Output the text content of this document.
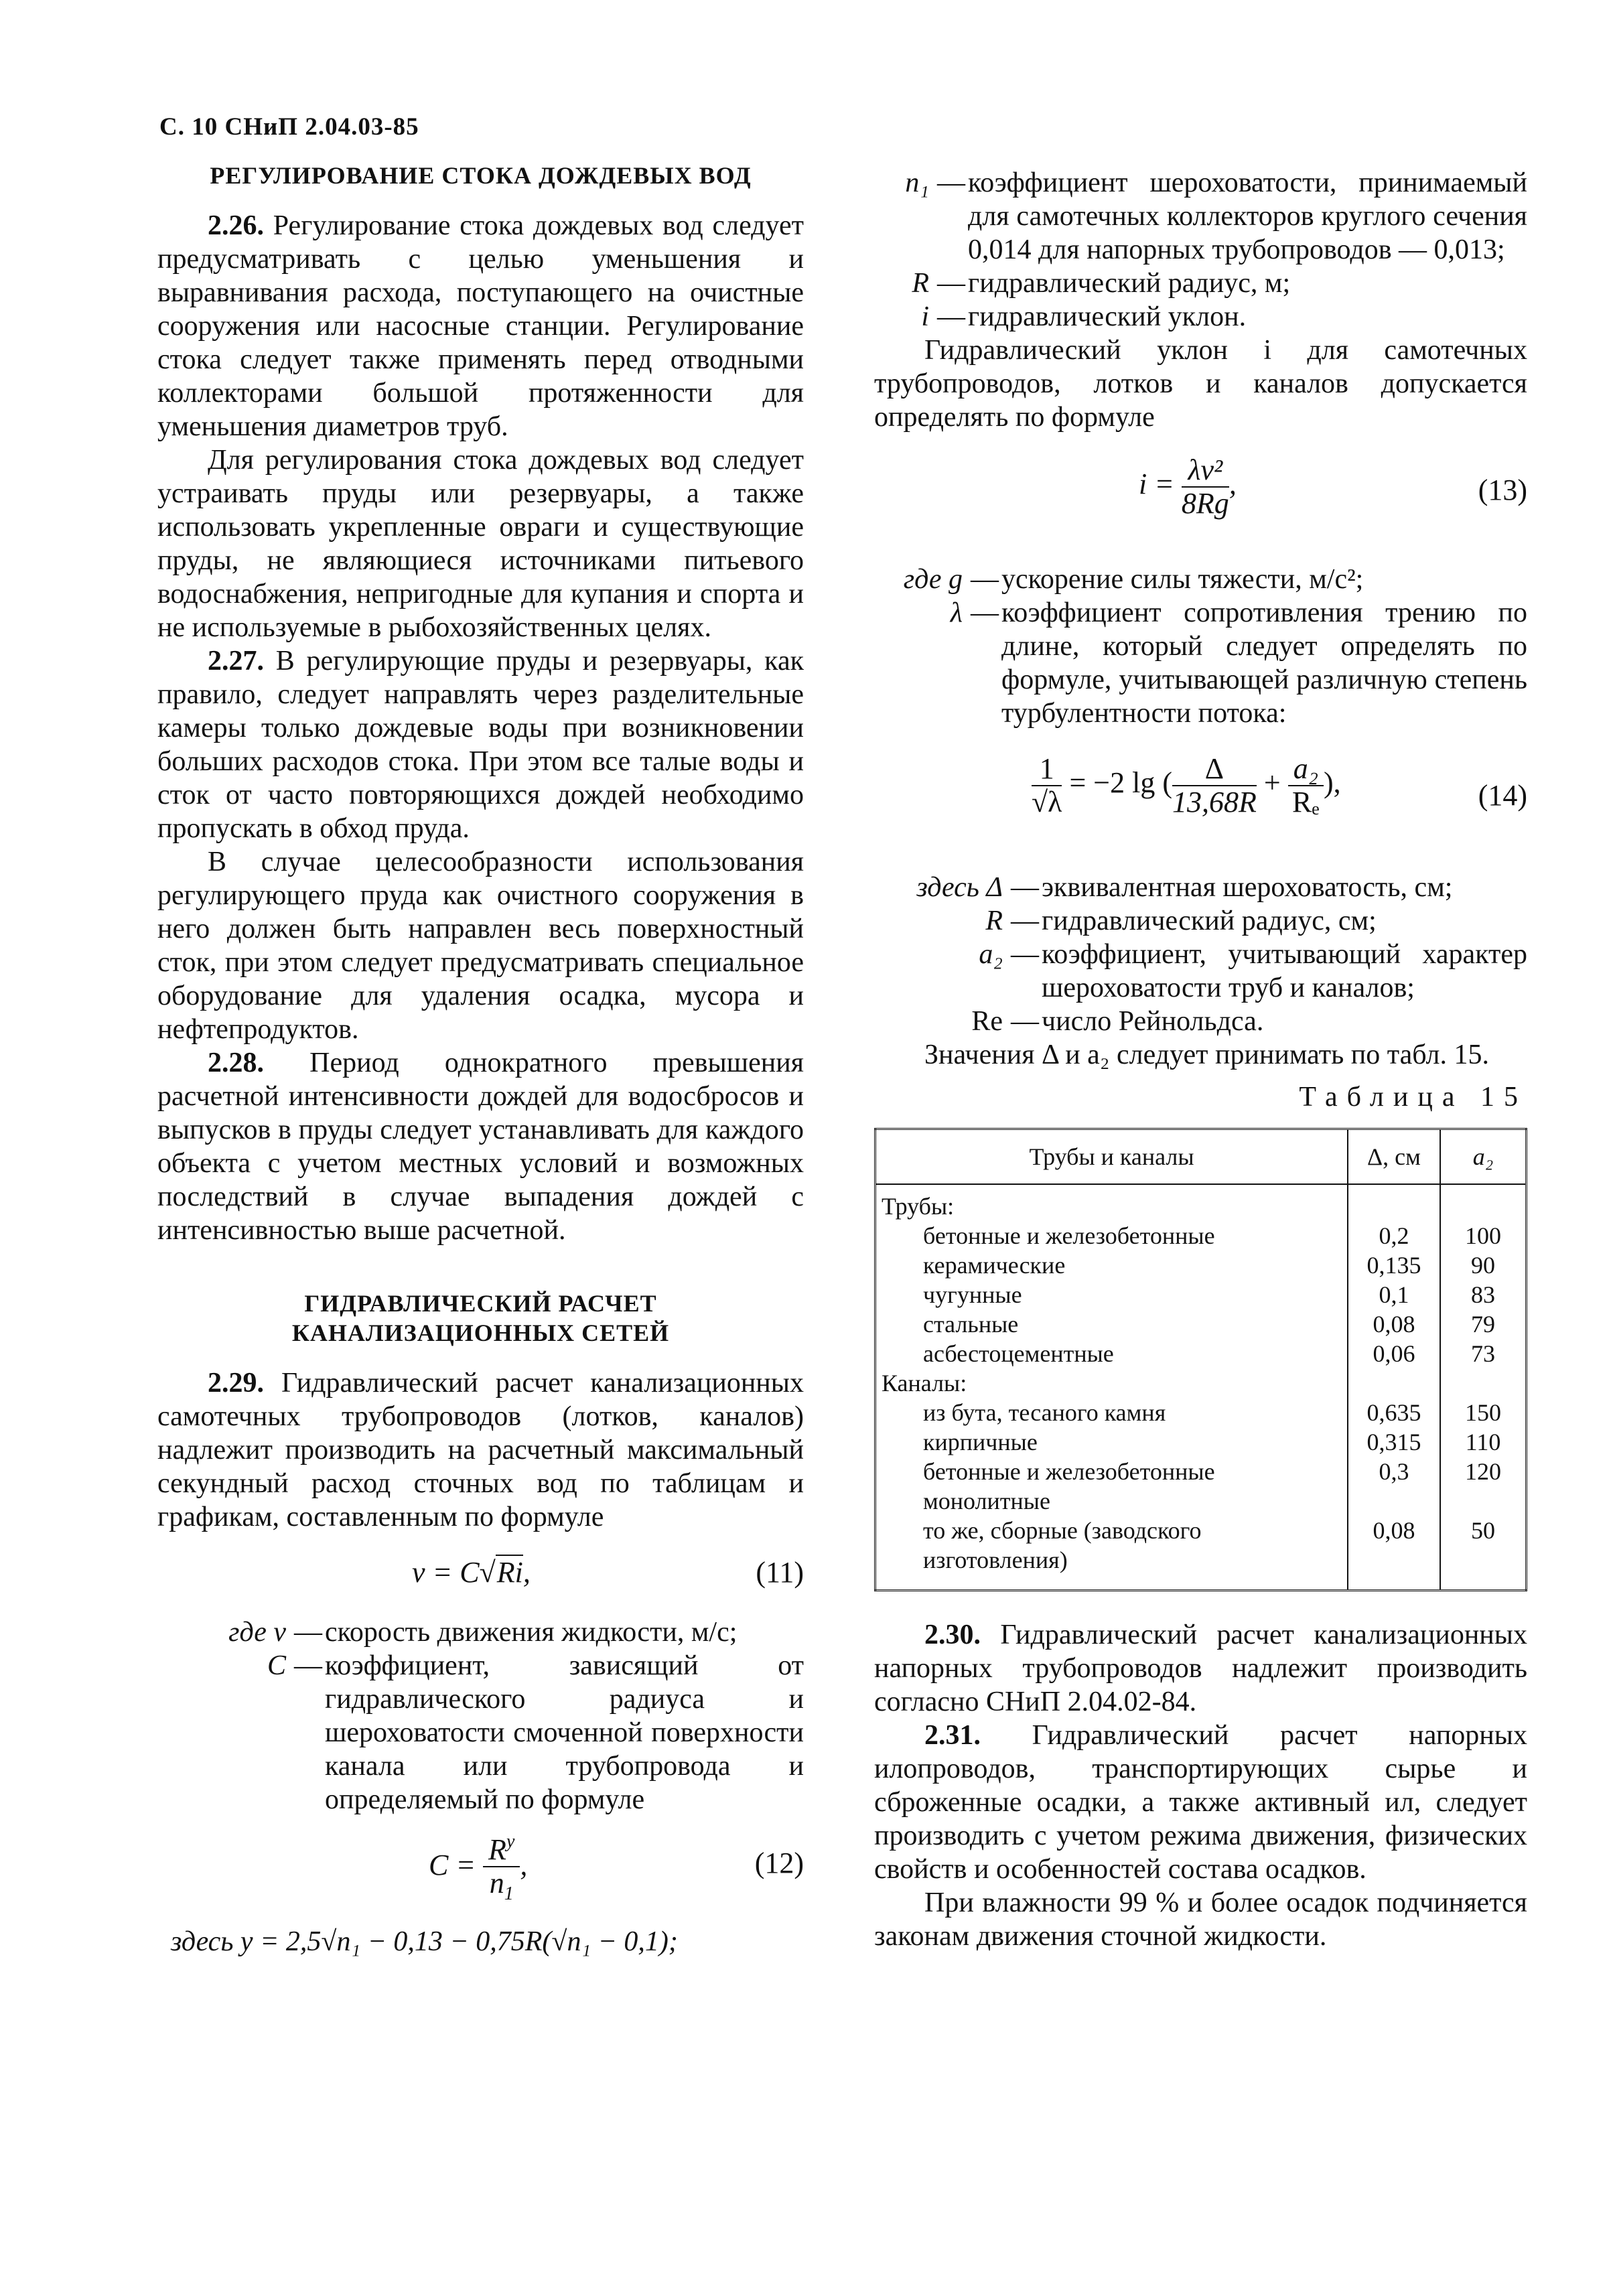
С. 10 СНиП 2.04.03-85

РЕГУЛИРОВАНИЕ СТОКА ДОЖДЕВЫХ ВОД

2.26. Регулирование стока дождевых вод следует предусматривать с целью уменьшения и выравнивания расхода, поступающего на очистные сооружения или насосные станции. Регулирование стока следует также применять перед отводными коллекторами большой протяженности для уменьшения диаметров труб.

Для регулирования стока дождевых вод следует устраивать пруды или резервуары, а также использовать укрепленные овраги и существующие пруды, не являющиеся источниками питьевого водоснабжения, непригодные для купания и спорта и не используемые в рыбохозяйственных целях.

2.27. В регулирующие пруды и резервуары, как правило, следует направлять через разделительные камеры только дождевые воды при возникновении больших расходов стока. При этом все талые воды и сток от часто повторяющихся дождей необходимо пропускать в обход пруда.

В случае целесообразности использования регулирующего пруда как очистного сооружения в него должен быть направлен весь поверхностный сток, при этом следует предусматривать специальное оборудование для удаления осадка, мусора и нефтепродуктов.

2.28. Период однократного превышения расчетной интенсивности дождей для водосбросов и выпусков в пруды следует устанавливать для каждого объекта с учетом местных условий и возможных последствий в случае выпадения дождей с интенсивностью выше расчетной.

ГИДРАВЛИЧЕСКИЙ РАСЧЕТ
КАНАЛИЗАЦИОННЫХ СЕТЕЙ

2.29. Гидравлический расчет канализационных самотечных трубопроводов (лотков, каналов) надлежит производить на расчетный максимальный секундный расход сточных вод по таблицам и графикам, составленным по формуле

v = C√Ri,	(11)
где v — скорость движения жидкости, м/с;
C — коэффициент, зависящий от гидравлического радиуса и шероховатости смоченной поверхности канала или трубопровода и определяемый по формуле
$C = \frac{R^y}{n_1}$ ,	(12)

здесь y = 2,5√n₁ − 0,13 − 0,75R(√n₁ − 0,1);

n₁ — коэффициент шероховатости, принимаемый для самотечных коллекторов круглого сечения 0,014 для напорных трубопроводов — 0,013;
R — гидравлический радиус, м;
i — гидравлический уклон.

Гидравлический уклон i для самотечных трубопроводов, лотков и каналов допускается определять по формуле

$i = \frac{\text{λv²}}{8Rg}$ ,	(13)
где g — ускорение силы тяжести, м/с²;
λ — коэффициент сопротивления трению по длине, который следует определять по формуле, учитывающей различную степень турбулентности потока:
$\frac{1}{√\lambda} = -2$ lg ( $\frac{\Delta}{13,68R} + \frac{\text{a₂}}{\text{Rₑ}}$ ),	(14)
здесь Δ — эквивалентная шероховатость, см;
R — гидравлический радиус, см;
a₂ — коэффициент, учитывающий характер шероховатости труб и каналов;
Re — число Рейнольдса.

Значения Δ и a₂ следует принимать по табл. 15.

Таблица 15

Трубы и каналы	Δ, см	a₂
Трубы:		
бетонные и железобетонные	0,2	100
керамические	0,135	90
чугунные	0,1	83
стальные	0,08	79
асбестоцементные	0,06	73
Каналы:		
из бута, тесаного камня	0,635	150
кирпичные	0,315	110
бетонные и железобетонные монолитные	0,3	120
то же, сборные (заводского изготовления)	0,08	50

2.30. Гидравлический расчет канализационных напорных трубопроводов надлежит производить согласно СНиП 2.04.02-84.

2.31. Гидравлический расчет напорных илопроводов, транспортирующих сырье и сброженные осадки, а также активный ил, следует производить с учетом режима движения, физических свойств и особенностей состава осадков.

При влажности 99 % и более осадок подчиняется законам движения сточной жидкости.
